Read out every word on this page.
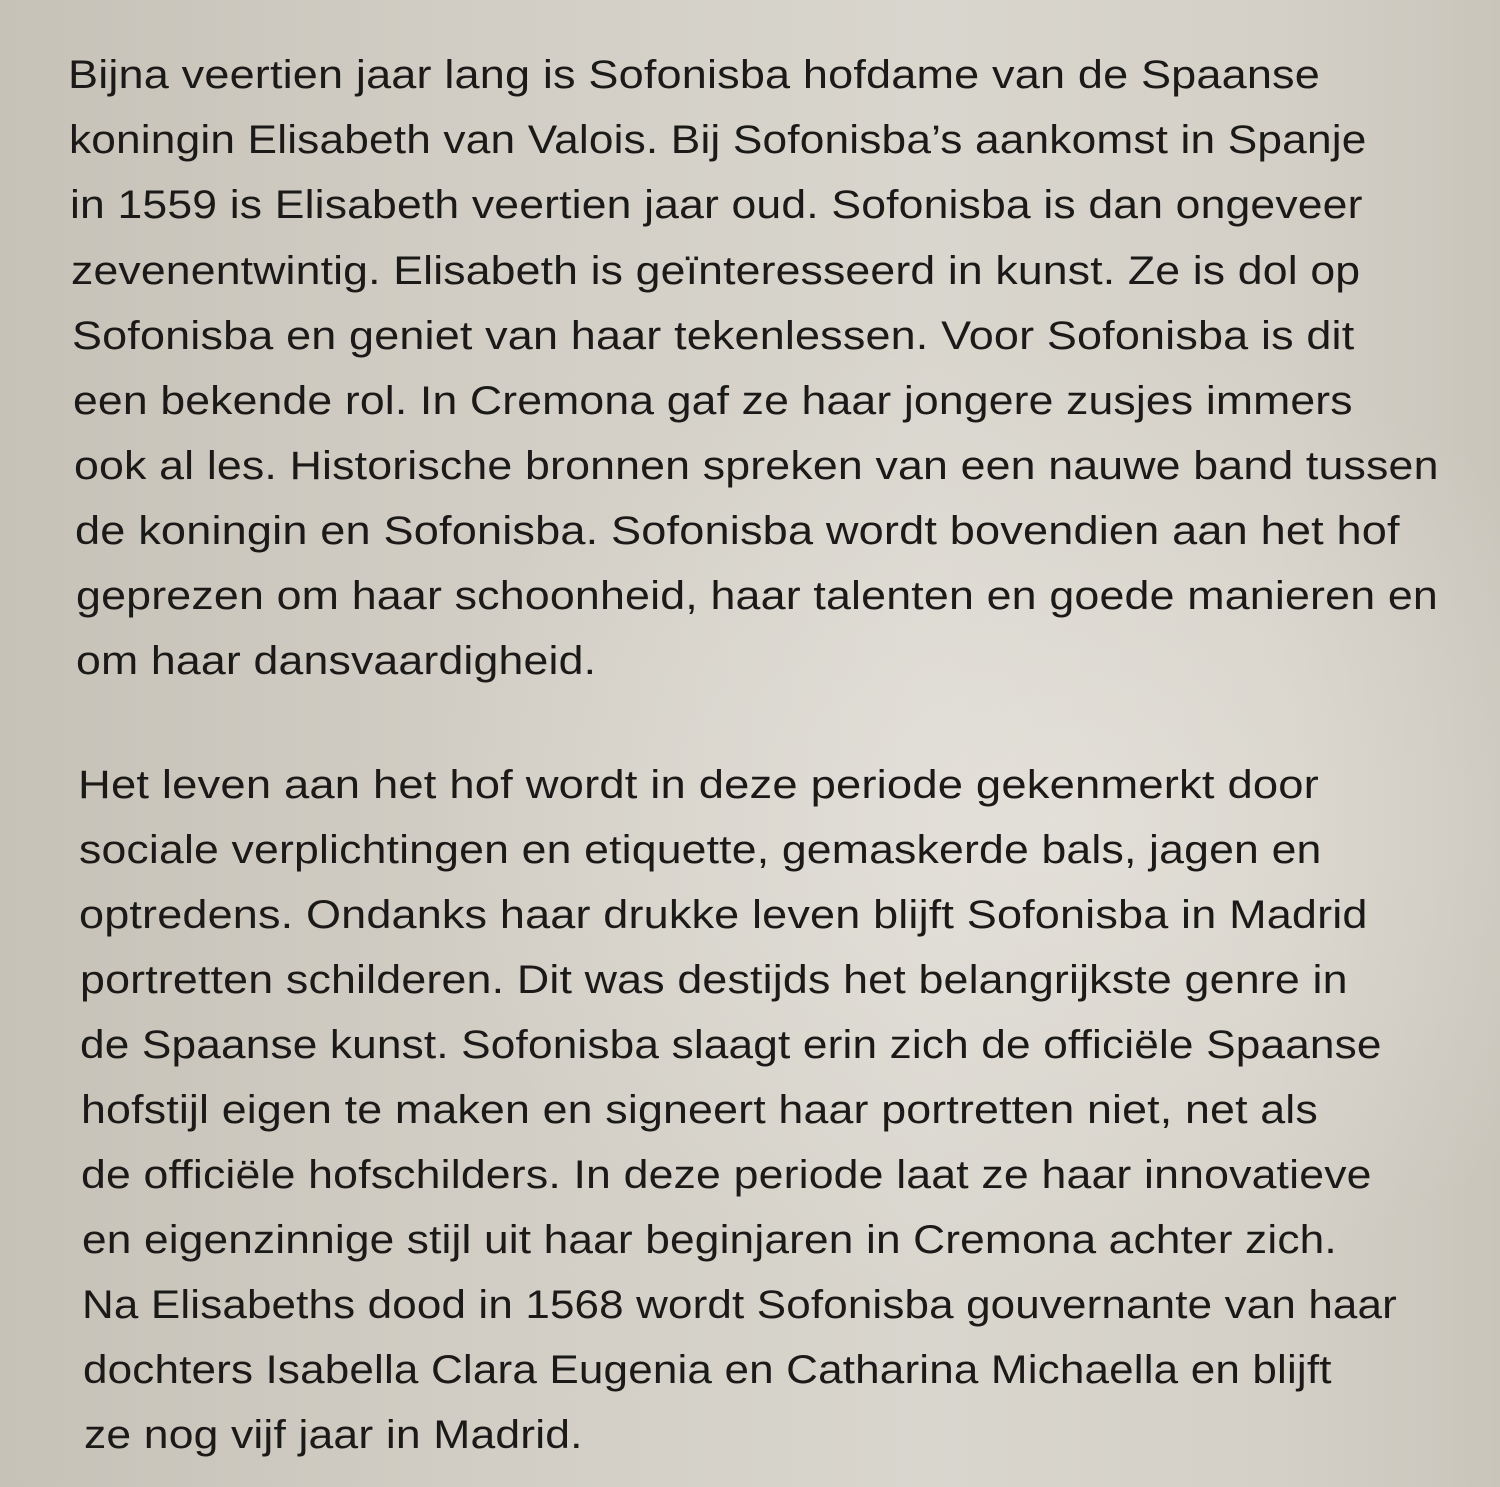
Bijna veertien jaar lang is Sofonisba hofdame van de Spaanse
koningin Elisabeth van Valois. Bij Sofonisba’s aankomst in Spanje
in 1559 is Elisabeth veertien jaar oud. Sofonisba is dan ongeveer
zevenentwintig. Elisabeth is geïnteresseerd in kunst. Ze is dol op
Sofonisba en geniet van haar tekenlessen. Voor Sofonisba is dit
een bekende rol. In Cremona gaf ze haar jongere zusjes immers
ook al les. Historische bronnen spreken van een nauwe band tussen
de koningin en Sofonisba. Sofonisba wordt bovendien aan het hof
geprezen om haar schoonheid, haar talenten en goede manieren en
om haar dansvaardigheid.
Het leven aan het hof wordt in deze periode gekenmerkt door
sociale verplichtingen en etiquette, gemaskerde bals, jagen en
optredens. Ondanks haar drukke leven blijft Sofonisba in Madrid
portretten schilderen. Dit was destijds het belangrijkste genre in
de Spaanse kunst. Sofonisba slaagt erin zich de officiële Spaanse
hofstijl eigen te maken en signeert haar portretten niet, net als
de officiële hofschilders. In deze periode laat ze haar innovatieve
en eigenzinnige stijl uit haar beginjaren in Cremona achter zich.
Na Elisabeths dood in 1568 wordt Sofonisba gouvernante van haar
dochters Isabella Clara Eugenia en Catharina Michaella en blijft
ze nog vijf jaar in Madrid.
